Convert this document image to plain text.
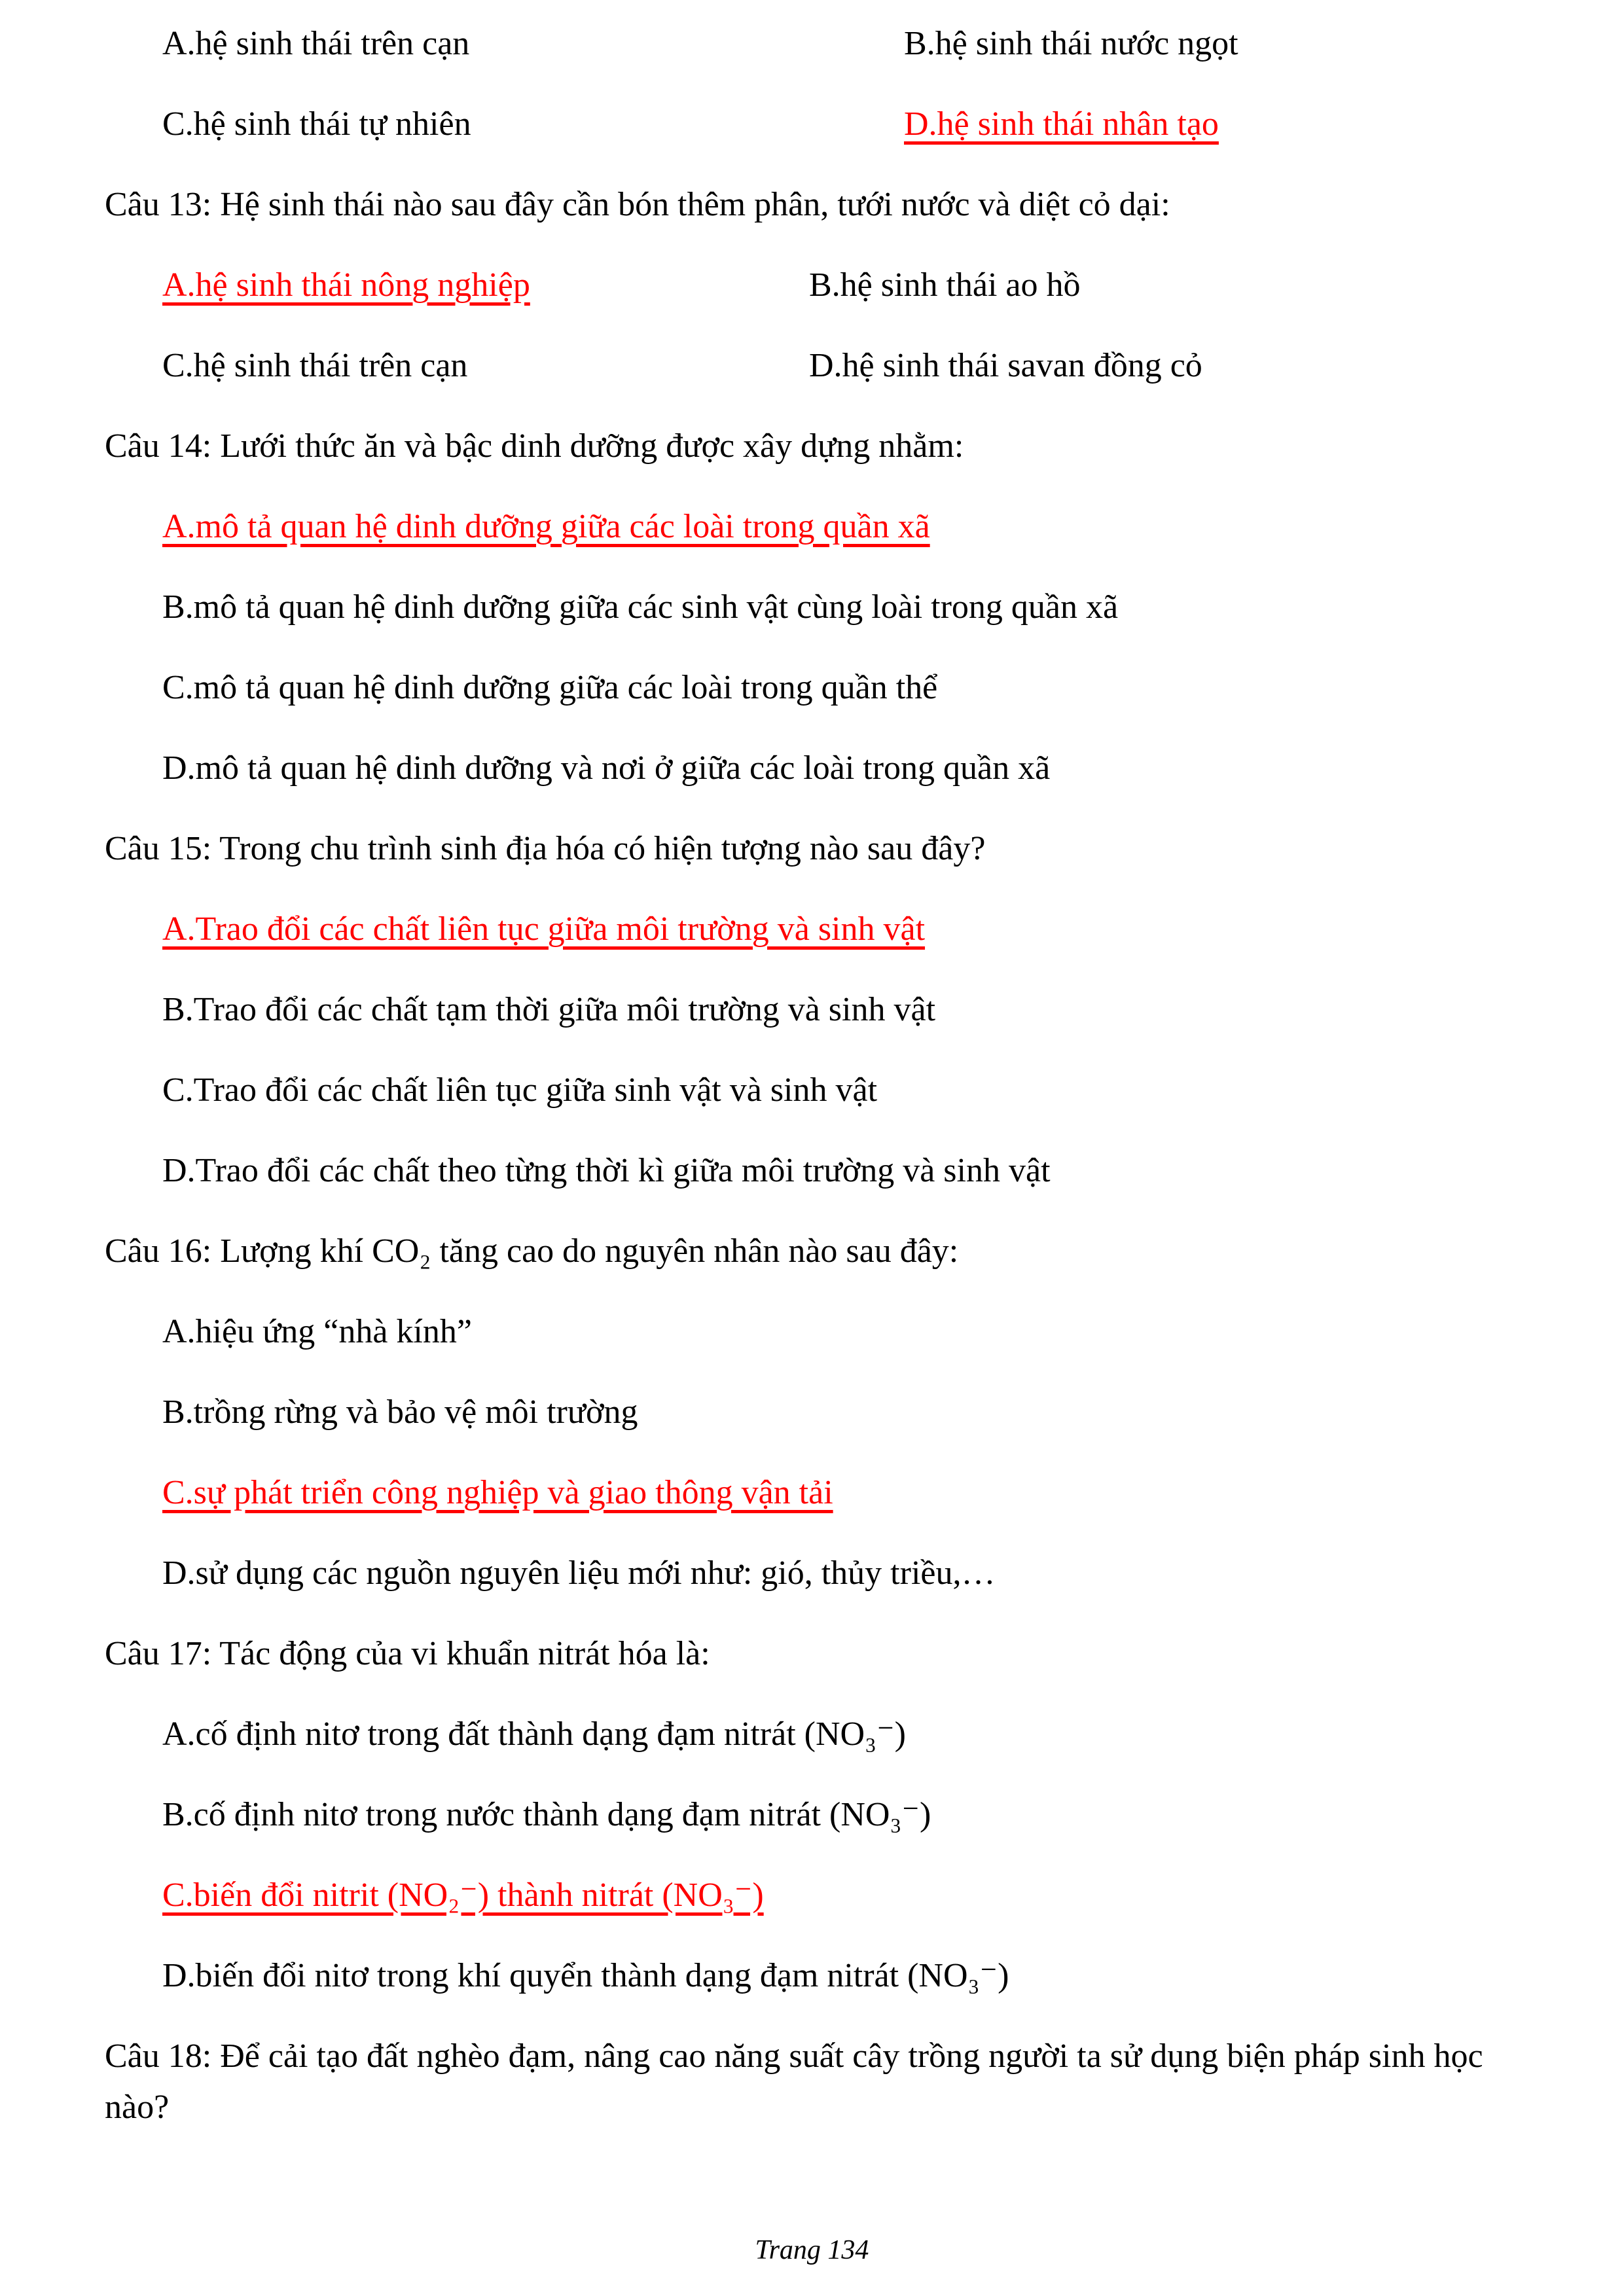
A.hệ sinh thái trên cạn	B.hệ sinh thái nước ngọt
C.hệ sinh thái tự nhiên	D.hệ sinh thái nhân tạo

Câu 13: Hệ sinh thái nào sau đây cần bón thêm phân, tưới nước và diệt cỏ dại:

A.hệ sinh thái nông nghiệp	B.hệ sinh thái ao hồ
C.hệ sinh thái trên cạn	D.hệ sinh thái savan đồng cỏ

Câu 14: Lưới thức ăn và bậc dinh dưỡng được xây dựng nhằm:

A.mô tả quan hệ dinh dưỡng giữa các loài trong quần xã

B.mô tả quan hệ dinh dưỡng giữa các sinh vật cùng loài trong quần xã

C.mô tả quan hệ dinh dưỡng giữa các loài trong quần thể

D.mô tả quan hệ dinh dưỡng và nơi ở giữa các loài trong quần xã

Câu 15: Trong chu trình sinh địa hóa có hiện tượng nào sau đây?

A.Trao đổi các chất liên tục giữa môi trường và sinh vật

B.Trao đổi các chất tạm thời giữa môi trường và sinh vật

C.Trao đổi các chất liên tục giữa sinh vật và sinh vật

D.Trao đổi các chất theo từng thời kì giữa môi trường và sinh vật

Câu 16: Lượng khí CO₂ tăng cao do nguyên nhân nào sau đây:

A.hiệu ứng “nhà kính”

B.trồng rừng và bảo vệ môi trường

C.sự phát triển công nghiệp và giao thông vận tải

D.sử dụng các nguồn nguyên liệu mới như: gió, thủy triều,…

Câu 17: Tác động của vi khuẩn nitrát hóa là:

A.cố định nitơ trong đất thành dạng đạm nitrát (NO₃⁻)

B.cố định nitơ trong nước thành dạng đạm nitrát (NO₃⁻)

C.biến đổi nitrit (NO₂⁻) thành nitrát (NO₃⁻)

D.biến đổi nitơ trong khí quyển thành dạng đạm nitrát (NO₃⁻)

Câu 18: Để cải tạo đất nghèo đạm, nâng cao năng suất cây trồng người ta sử dụng biện pháp sinh học nào?

Trang 134
